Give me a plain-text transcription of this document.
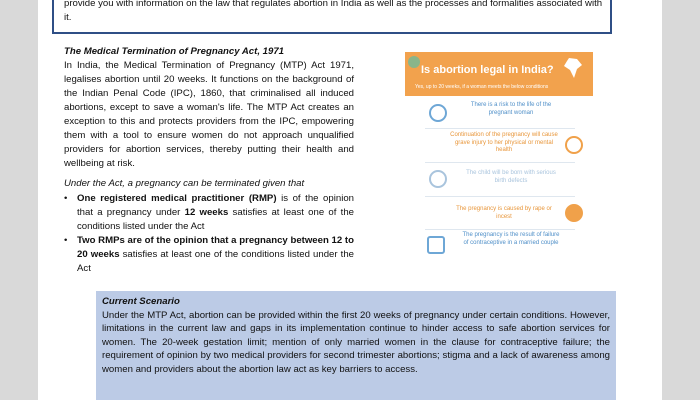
provide you with information on the law that regulates abortion in India as well as the processes and formalities associated with it.

The Medical Termination of Pregnancy Act, 1971

In India, the Medical Termination of Pregnancy (MTP) Act 1971, legalises abortion until 20 weeks. It functions on the background of the Indian Penal Code (IPC), 1860, that criminalised all induced abortions, except to save a woman's life. The MTP Act creates an exception to this and protects providers from the IPC, empowering them with a tool to ensure women do not approach unqualified providers for abortion services, thereby putting their health and wellbeing at risk.

Under the Act, a pregnancy can be terminated given that

• One registered medical practitioner (RMP) is of the opinion that a pregnancy under 12 weeks satisfies at least one of the conditions listed under the Act
• Two RMPs are of the opinion that a pregnancy between 12 to 20 weeks satisfies at least one of the conditions listed under the Act
Is abortion legal in India?
Yes, up to 20 weeks, if a woman meets the below conditions
There is a risk to the life of the pregnant woman
Continuation of the pregnancy will cause grave injury to her physical or mental health
The child will be born with serious birth defects
The pregnancy is caused by rape or incest
The pregnancy is the result of failure of contraceptive in a married couple

Current Scenario

Under the MTP Act, abortion can be provided within the first 20 weeks of pregnancy under certain conditions. However, limitations in the current law and gaps in its implementation continue to hinder access to safe abortion services for women. The 20-week gestation limit; mention of only married women in the clause for contraceptive failure; the requirement of opinion by two medical providers for second trimester abortions; stigma and a lack of awareness among women and providers about the abortion law act as key barriers to access.
